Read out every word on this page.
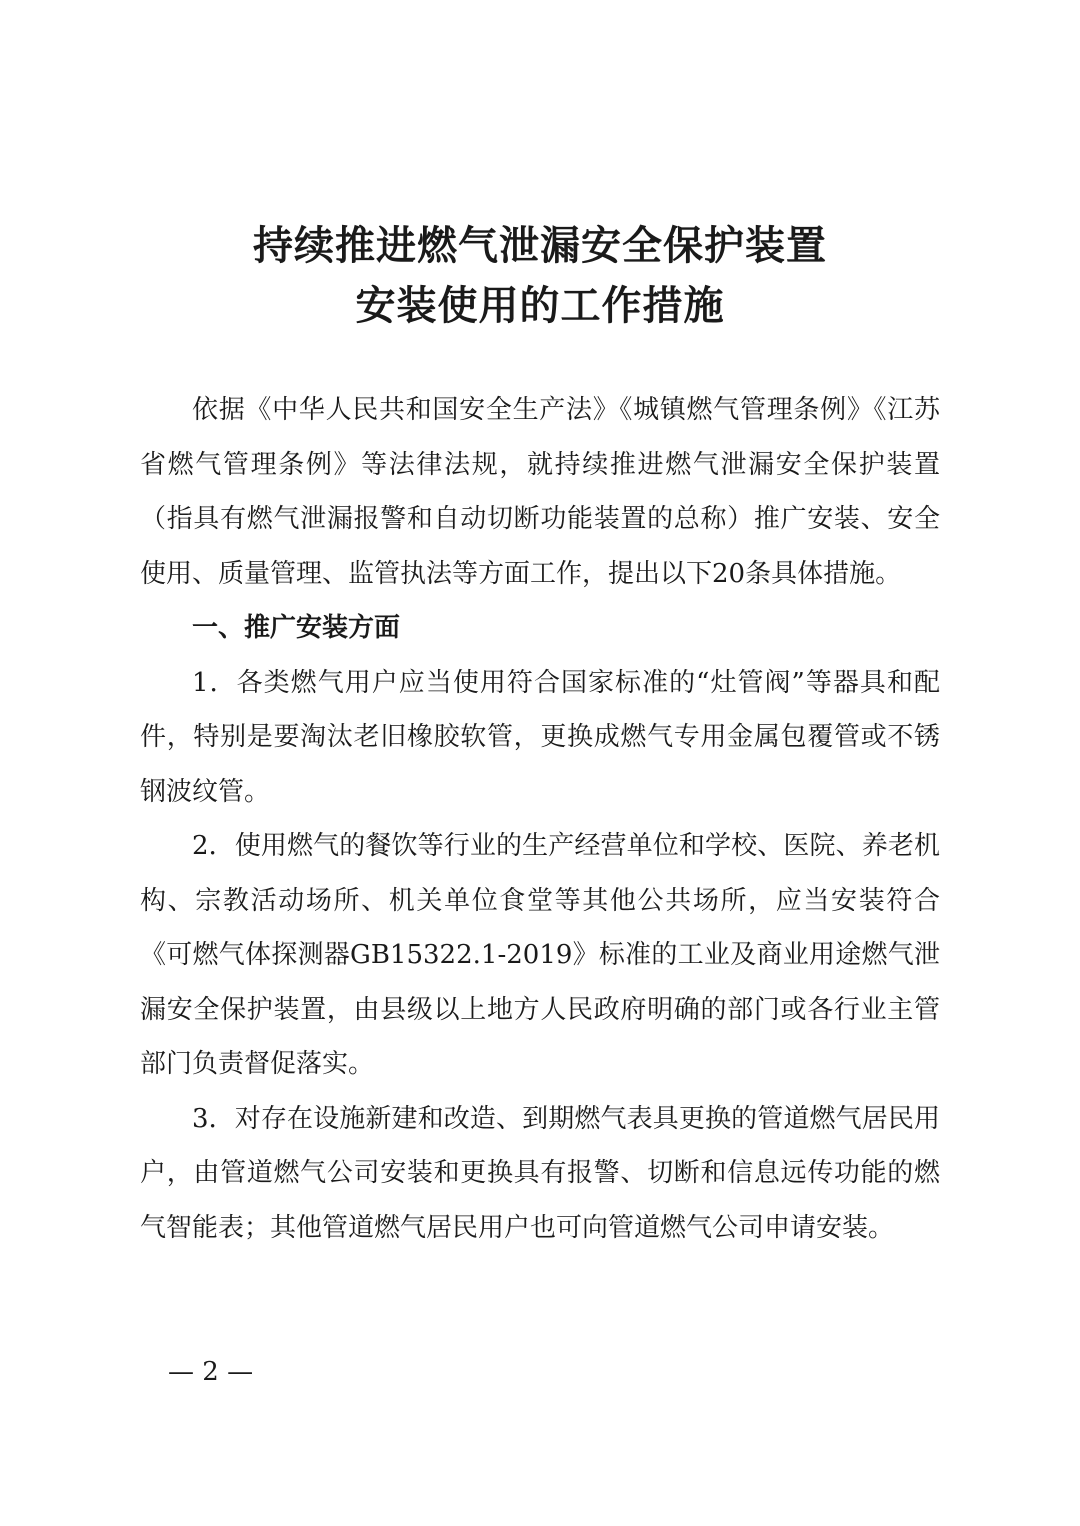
持续推进燃气泄漏安全保护装置
安装使用的工作措施

依据《中华人民共和国安全生产法》《城镇燃气管理条例》《江苏省燃气管理条例》等法律法规，就持续推进燃气泄漏安全保护装置（指具有燃气泄漏报警和自动切断功能装置的总称）推广安装、安全使用、质量管理、监管执法等方面工作，提出以下20条具体措施。

一、推广安装方面

1．各类燃气用户应当使用符合国家标准的“灶管阀”等器具和配件，特别是要淘汰老旧橡胶软管，更换成燃气专用金属包覆管或不锈钢波纹管。

2．使用燃气的餐饮等行业的生产经营单位和学校、医院、养老机构、宗教活动场所、机关单位食堂等其他公共场所，应当安装符合《可燃气体探测器GB15322.1-2019》标准的工业及商业用途燃气泄漏安全保护装置，由县级以上地方人民政府明确的部门或各行业主管部门负责督促落实。

3．对存在设施新建和改造、到期燃气表具更换的管道燃气居民用户，由管道燃气公司安装和更换具有报警、切断和信息远传功能的燃气智能表；其他管道燃气居民用户也可向管道燃气公司申请安装。

— 2 —
